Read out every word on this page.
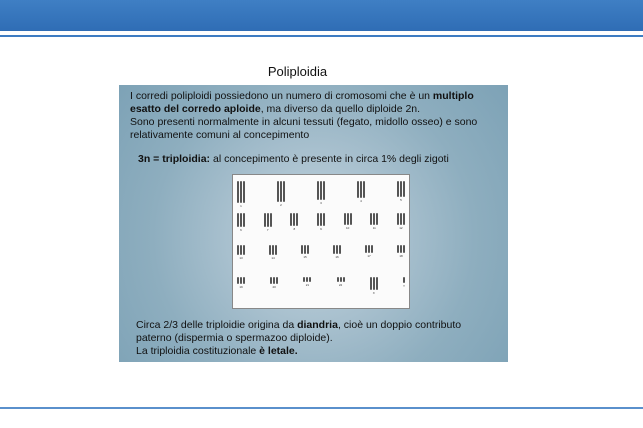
Poliploidia
I corredi poliploidi possiedono un numero di cromosomi che è un multiplo esatto del corredo aploide, ma diverso da quello diploide 2n.
Sono presenti normalmente in alcuni tessuti (fegato, midollo osseo) e sono relativamente comuni al concepimento
3n = triploidia: al concepimento è presente in circa 1% degli zigoti
1	2	3	4	5
6	7	8	9	10	11	12
13	14	15	16	17	18
19	20	21	22
X
Y
Circa 2/3 delle triploidie origina da diandria, cioè un doppio contributo paterno (dispermia o spermazoo diploide).
La triploidia costituzionale è letale.
